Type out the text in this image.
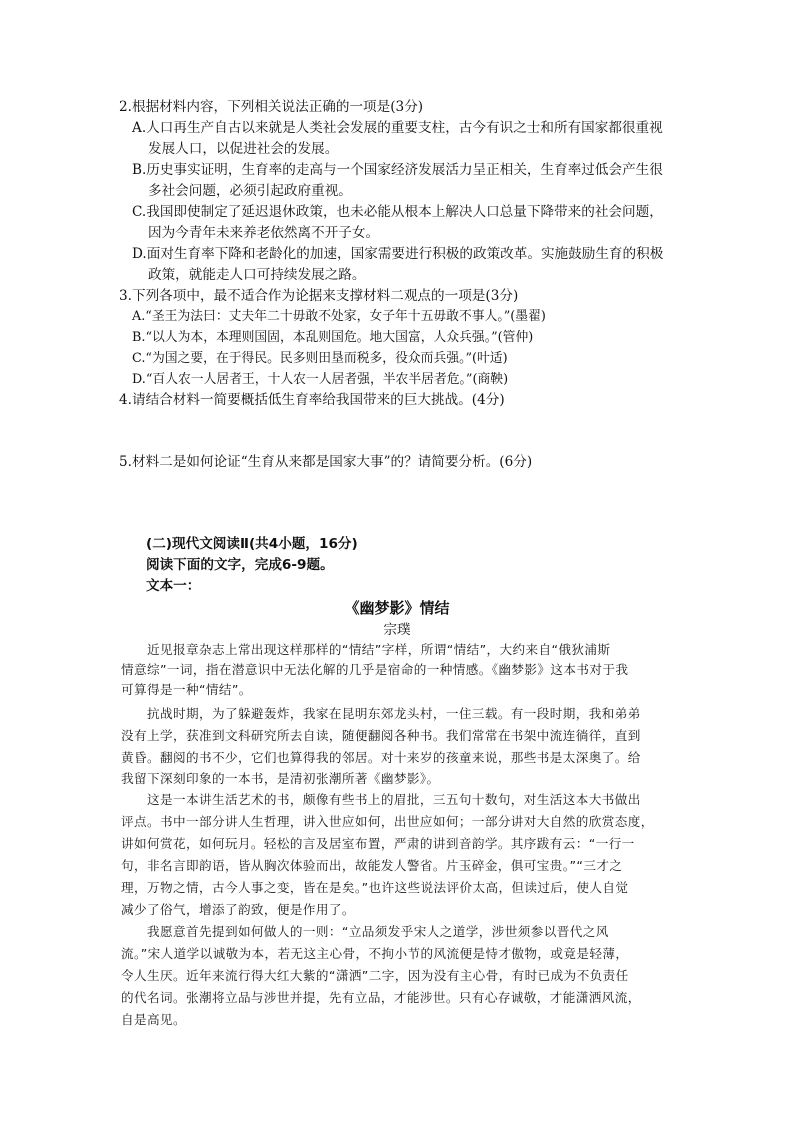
2.根据材料内容，下列相关说法正确的一项是(3分)
A.人口再生产自古以来就是人类社会发展的重要支柱，古今有识之士和所有国家都很重视
发展人口，以促进社会的发展。
B.历史事实证明，生育率的走高与一个国家经济发展活力呈正相关，生育率过低会产生很
多社会问题，必须引起政府重视。
C.我国即使制定了延迟退休政策，也未必能从根本上解决人口总量下降带来的社会问题，
因为今青年未来养老依然离不开子女。
D.面对生育率下降和老龄化的加速，国家需要进行积极的政策改革。实施鼓励生育的积极
政策，就能走人口可持续发展之路。
3.下列各项中，最不适合作为论据来支撑材料二观点的一项是(3分)
A.“圣王为法曰：丈夫年二十毋敢不处家，女子年十五毋敢不事人。”(墨翟)
B.“以人为本，本理则国固，本乱则国危。地大国富，人众兵强。”(管仲)
C.“为国之要，在于得民。民多则田垦而税多，役众而兵强。”(叶适)
D.“百人农一人居者王，十人农一人居者强，半农半居者危。”(商鞅)
4.请结合材料一简要概括低生育率给我国带来的巨大挑战。(4分)
5.材料二是如何论证“生育从来都是国家大事”的？请简要分析。(6分)
(二)现代文阅读Ⅱ(共4小题，16分)
阅读下面的文字，完成6-9题。
文本一：
《幽梦影》情结
宗璞
　　近见报章杂志上常出现这样那样的“情结”字样，所谓“情结”，大约来自“俄狄浦斯
情意综”一词，指在潜意识中无法化解的几乎是宿命的一种情感。《幽梦影》这本书对于我
可算得是一种“情结”。
　　抗战时期，为了躲避轰炸，我家在昆明东郊龙头村，一住三载。有一段时期，我和弟弟
没有上学，获准到文科研究所去自读，随便翻阅各种书。我们常常在书架中流连徜徉，直到
黄昏。翻阅的书不少，它们也算得我的邻居。对十来岁的孩童来说，那些书是太深奥了。给
我留下深刻印象的一本书，是清初张潮所著《幽梦影》。
　　这是一本讲生活艺术的书，颇像有些书上的眉批，三五句十数句，对生活这本大书做出
评点。书中一部分讲人生哲理，讲入世应如何，出世应如何；一部分讲对大自然的欣赏态度，
讲如何赏花，如何玩月。轻松的言及居室布置，严肃的讲到音韵学。其序跋有云：“一行一
句，非名言即韵语，皆从胸次体验而出，故能发人警省。片玉碎金，俱可宝贵。”“三才之
理，万物之情，古今人事之变，皆在是矣。”也许这些说法评价太高，但读过后，使人自觉
减少了俗气，增添了韵致，便是作用了。
　　我愿意首先提到如何做人的一则：“立品须发乎宋人之道学，涉世须参以晋代之风
流。”宋人道学以诚敬为本，若无这主心骨，不拘小节的风流便是恃才傲物，或竟是轻薄，
令人生厌。近年来流行得大红大紫的“潇洒”二字，因为没有主心骨，有时已成为不负责任
的代名词。张潮将立品与涉世并提，先有立品，才能涉世。只有心存诚敬，才能潇洒风流，
自是高见。
